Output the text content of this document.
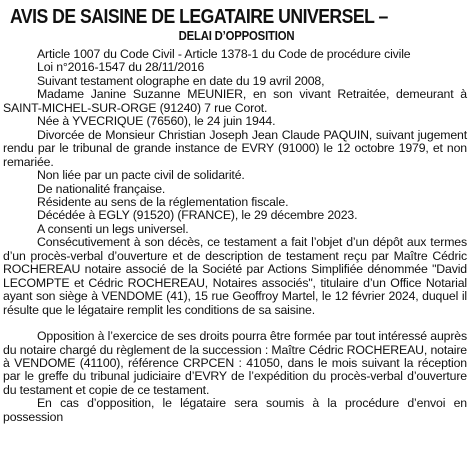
AVIS DE SAISINE DE LEGATAIRE UNIVERSEL –
DELAI D’OPPOSITION

Article 1007 du Code Civil - Article 1378-1 du Code de procédure civile

Loi n°2016-1547 du 28/11/2016

Suivant testament olographe en date du 19 avril 2008,

Madame Janine Suzanne MEUNIER, en son vivant Retraitée, demeurant à SAINT-MICHEL-SUR-ORGE (91240) 7 rue Corot.

Née à YVECRIQUE (76560), le 24 juin 1944.

Divorcée de Monsieur Christian Joseph Jean Claude PAQUIN, suivant jugement rendu par le tribunal de grande instance de EVRY (91000) le 12 octobre 1979, et non remariée.

Non liée par un pacte civil de solidarité.

De nationalité française.

Résidente au sens de la réglementation fiscale.

Décédée à EGLY (91520) (FRANCE), le 29 décembre 2023.

A consenti un legs universel.

Consécutivement à son décès, ce testament a fait l’objet d’un dépôt aux termes d’un procès-verbal d’ouverture et de description de testament reçu par Maître Cédric ROCHEREAU notaire associé de la Société par Actions Simplifiée dénommée "David LECOMPTE et Cédric ROCHEREAU, Notaires associés", titulaire d’un Office Notarial ayant son siège à VENDOME (41), 15 rue Geoffroy Martel, le 12 février 2024, duquel il résulte que le légataire remplit les conditions de sa saisine.

Opposition à l’exercice de ses droits pourra être formée par tout intéressé auprès du notaire chargé du règlement de la succession : Maître Cédric ROCHEREAU, notaire à VENDOME (41100), référence CRPCEN : 41050, dans le mois suivant la réception par le greffe du tribunal judiciaire d’EVRY de l’expédition du procès-verbal d’ouverture du testament et copie de ce testament.

En cas d’opposition, le légataire sera soumis à la procédure d’envoi en possession
